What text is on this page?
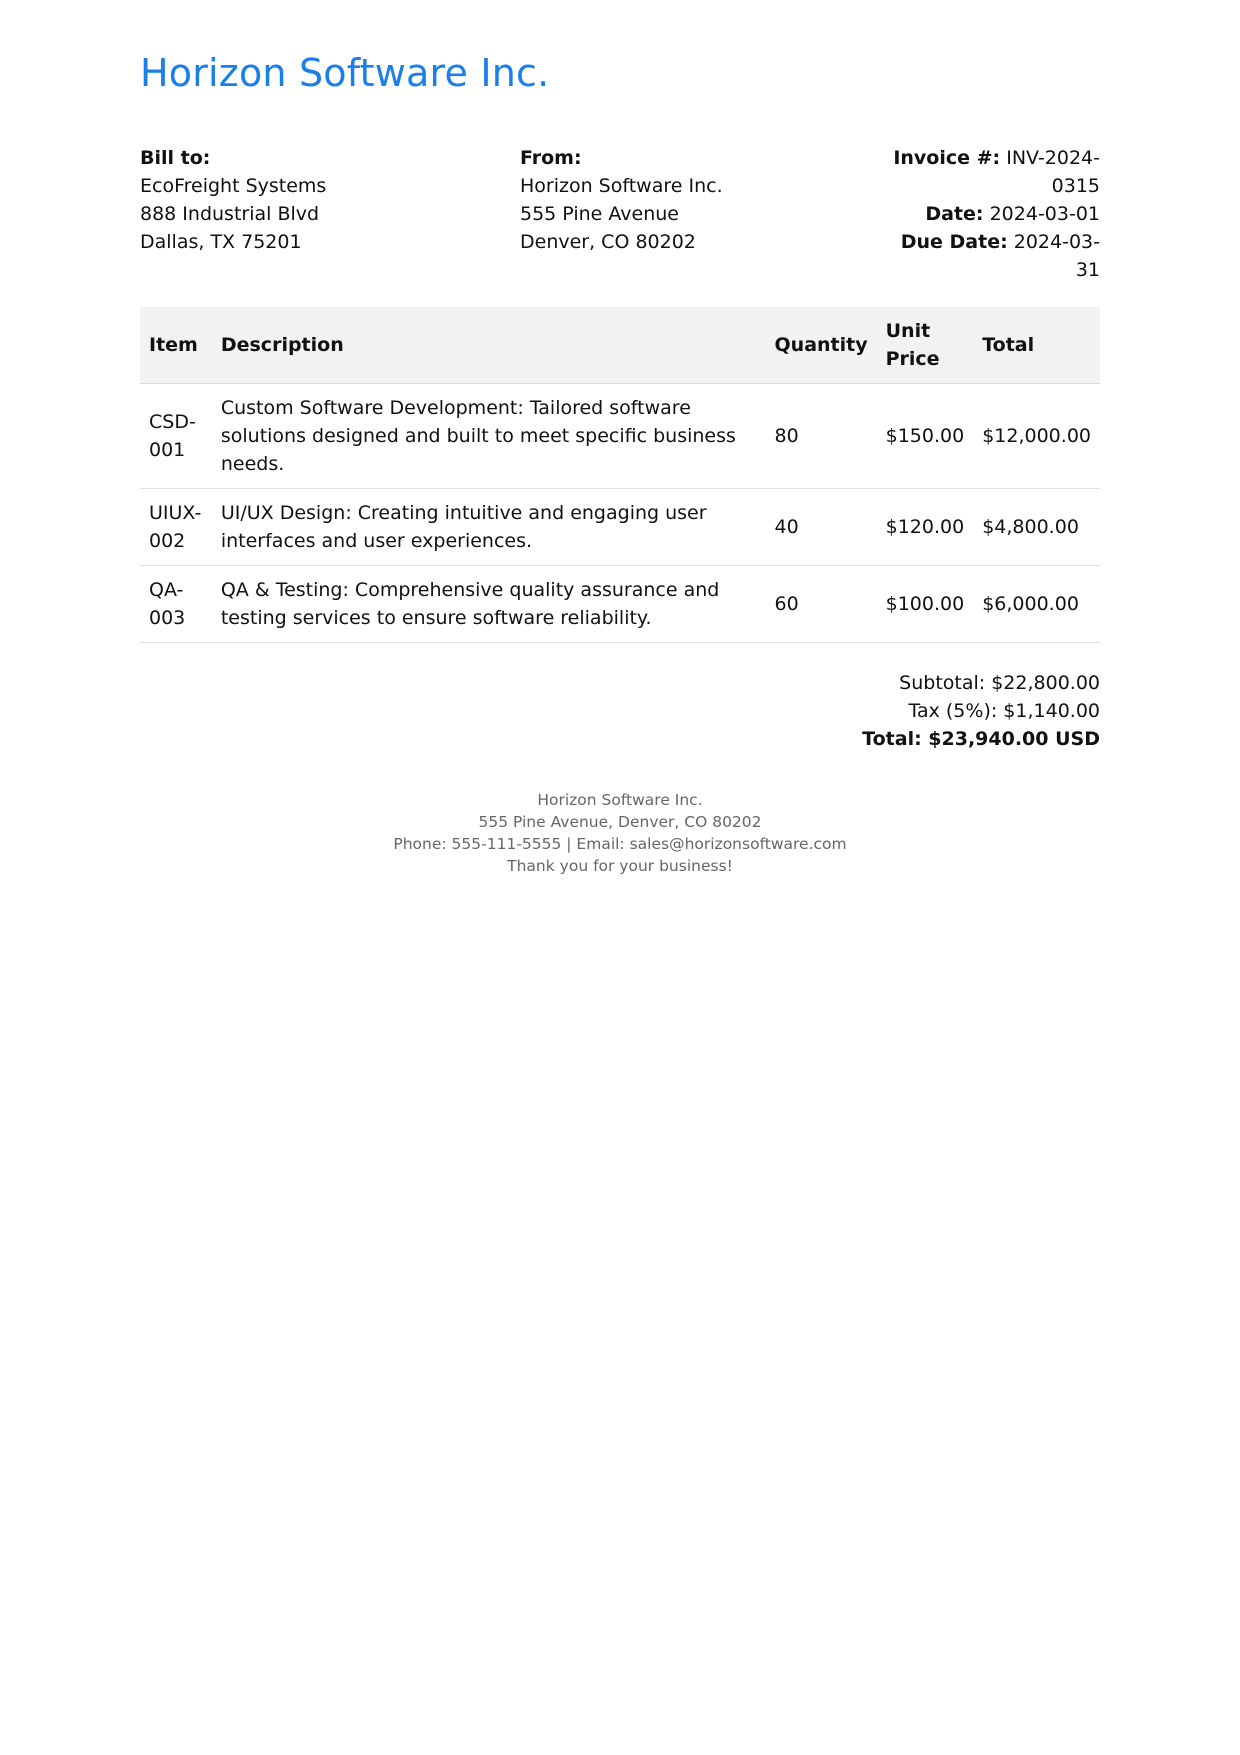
Horizon Software Inc.
Bill to:
EcoFreight Systems
888 Industrial Blvd
Dallas, TX 75201
From:
Horizon Software Inc.
555 Pine Avenue
Denver, CO 80202
Invoice #: INV-2024-0315
Date: 2024-03-01
Due Date: 2024-03-31
Item	Description	Quantity	Unit Price	Total
CSD-001	Custom Software Development: Tailored software solutions designed and built to meet specific business needs.	80	$150.00	$12,000.00
UIUX-002	UI/UX Design: Creating intuitive and engaging user interfaces and user experiences.	40	$120.00	$4,800.00
QA-003	QA & Testing: Comprehensive quality assurance and testing services to ensure software reliability.	60	$100.00	$6,000.00
Subtotal: $22,800.00
Tax (5%): $1,140.00
Total: $23,940.00 USD
Horizon Software Inc.
555 Pine Avenue, Denver, CO 80202
Phone: 555-111-5555 | Email: sales@horizonsoftware.com
Thank you for your business!
